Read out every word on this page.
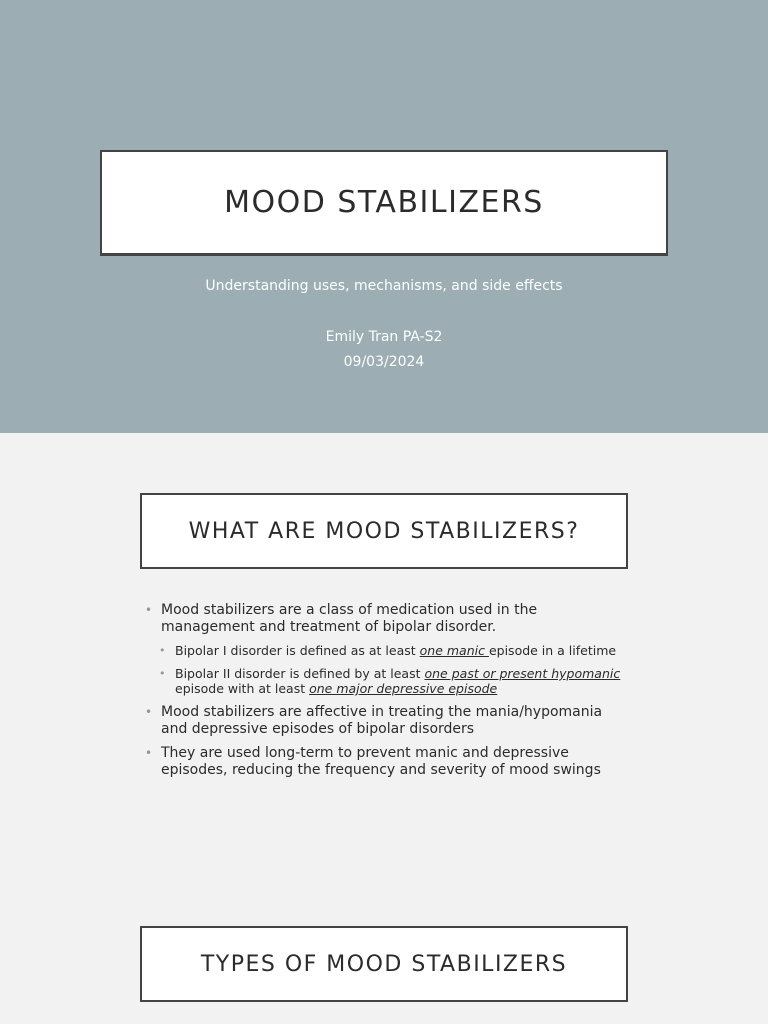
MOOD STABILIZERS
Understanding uses, mechanisms, and side effects
Emily Tran PA-S2
09/03/2024
WHAT ARE MOOD STABILIZERS?
• Mood stabilizers are a class of medication used in the management and treatment of bipolar disorder.
• Bipolar I disorder is defined as at least one manic episode in a lifetime
• Bipolar II disorder is defined by at least one past or present hypomanic episode with at least one major depressive episode
• Mood stabilizers are affective in treating the mania/hypomania and depressive episodes of bipolar disorders
• They are used long-term to prevent manic and depressive episodes, reducing the frequency and severity of mood swings
TYPES OF MOOD STABILIZERS
